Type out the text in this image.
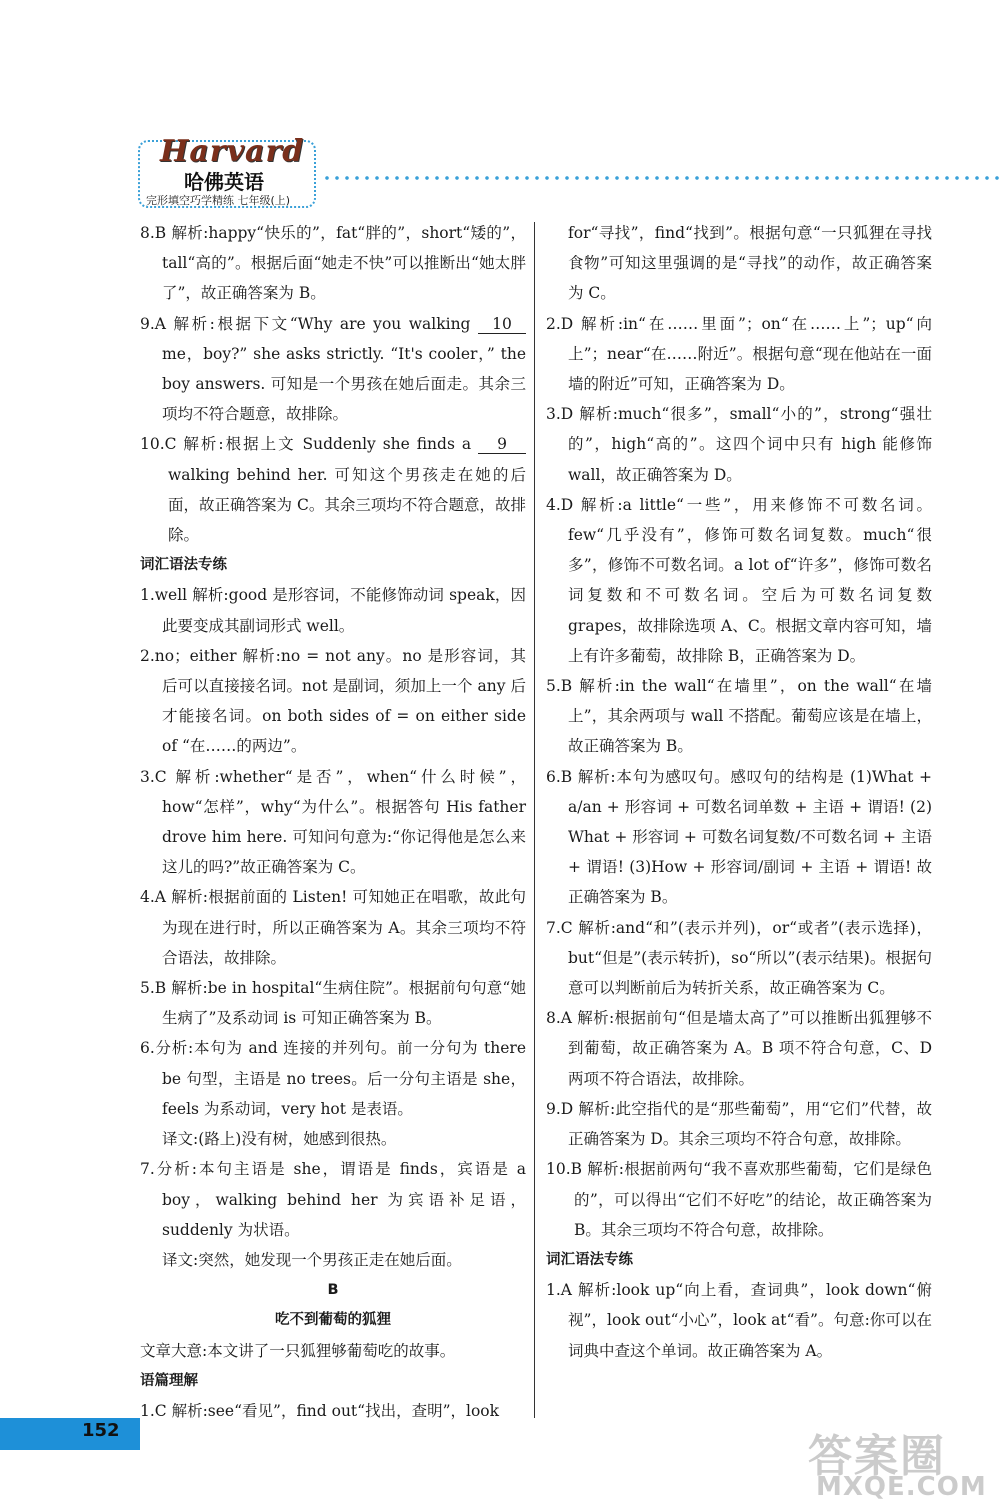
Harvard
哈佛英语
完形填空巧学精练 七年级(上)
8.B 解析:happy“快乐的”，fat“胖的”，short“矮的”，tall“高的”。根据后面“她走不快”可以推断出“她太胖了”，故正确答案为 B。
9.A 解析:根据下文“Why are you walking 10 me，boy?” she asks strictly. “It's cooler，” the boy answers. 可知是一个男孩在她后面走。其余三项均不符合题意，故排除。
10.C 解析:根据上文 Suddenly she finds a 9 walking behind her. 可知这个男孩走在她的后面，故正确答案为 C。其余三项均不符合题意，故排除。
词汇语法专练
1.well 解析:good 是形容词，不能修饰动词 speak，因此要变成其副词形式 well。
2.no；either 解析:no = not any。no 是形容词，其后可以直接接名词。not 是副词，须加上一个 any 后才能接名词。on both sides of = on either side of “在……的两边”。
3.C 解析:whether“是否”，when“什么时候”，how“怎样”，why“为什么”。根据答句 His father drove him here. 可知问句意为:“你记得他是怎么来这儿的吗?”故正确答案为 C。
4.A 解析:根据前面的 Listen! 可知她正在唱歌，故此句为现在进行时，所以正确答案为 A。其余三项均不符合语法，故排除。
5.B 解析:be in hospital“生病住院”。根据前句句意“她生病了”及系动词 is 可知正确答案为 B。
6.分析:本句为 and 连接的并列句。前一分句为 there be 句型，主语是 no trees。后一分句主语是 she，feels 为系动词，very hot 是表语。
译文:(路上)没有树，她感到很热。
7.分析:本句主语是 she，谓语是 finds，宾语是 a boy，walking behind her 为宾语补足语，suddenly 为状语。
译文:突然，她发现一个男孩正走在她后面。
B
吃不到葡萄的狐狸
文章大意:本文讲了一只狐狸够葡萄吃的故事。
语篇理解
1.C 解析:see“看见”，find out“找出，查明”，look
for“寻找”，find“找到”。根据句意“一只狐狸在寻找食物”可知这里强调的是“寻找”的动作，故正确答案为 C。
2.D 解析:in“在……里面”；on“在……上”；up“向上”；near“在……附近”。根据句意“现在他站在一面墙的附近”可知，正确答案为 D。
3.D 解析:much“很多”，small“小的”，strong“强壮的”，high“高的”。这四个词中只有 high 能修饰 wall，故正确答案为 D。
4.D 解析:a little“一些”，用来修饰不可数名词。few“几乎没有”，修饰可数名词复数。much“很多”，修饰不可数名词。a lot of“许多”，修饰可数名词复数和不可数名词。空后为可数名词复数 grapes，故排除选项 A、C。根据文章内容可知，墙上有许多葡萄，故排除 B，正确答案为 D。
5.B 解析:in the wall“在墙里”，on the wall“在墙上”，其余两项与 wall 不搭配。葡萄应该是在墙上，故正确答案为 B。
6.B 解析:本句为感叹句。感叹句的结构是 (1)What + a/an + 形容词 + 可数名词单数 + 主语 + 谓语! (2) What + 形容词 + 可数名词复数/不可数名词 + 主语 + 谓语! (3)How + 形容词/副词 + 主语 + 谓语! 故正确答案为 B。
7.C 解析:and“和”(表示并列)，or“或者”(表示选择)，but“但是”(表示转折)，so“所以”(表示结果)。根据句意可以判断前后为转折关系，故正确答案为 C。
8.A 解析:根据前句“但是墙太高了”可以推断出狐狸够不到葡萄，故正确答案为 A。B 项不符合句意，C、D 两项不符合语法，故排除。
9.D 解析:此空指代的是“那些葡萄”，用“它们”代替，故正确答案为 D。其余三项均不符合句意，故排除。
10.B 解析:根据前两句“我不喜欢那些葡萄，它们是绿色的”，可以得出“它们不好吃”的结论，故正确答案为 B。其余三项均不符合句意，故排除。
词汇语法专练
1.A 解析:look up“向上看，查词典”，look down“俯视”，look out“小心”，look at“看”。句意:你可以在词典中查这个单词。故正确答案为 A。
152
答案圈
MXQE.COM
